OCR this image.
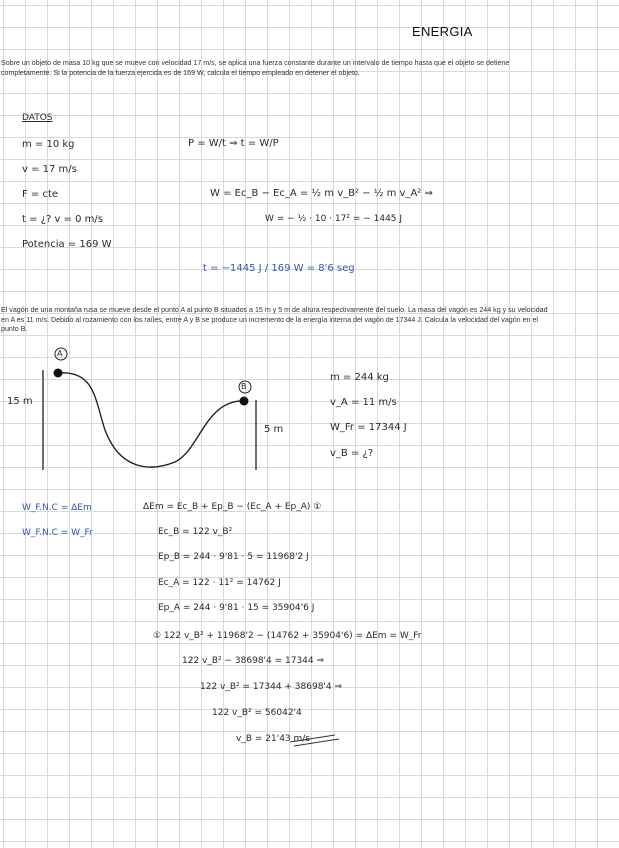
ENERGIA
Sobre un objeto de masa 10 kg que se mueve con velocidad 17 m/s, se aplica una fuerza constante durante un intervalo de tiempo hasta que el objeto se detiene completamente. Si la potencia de la fuerza ejercida es de 169 W, calcula el tiempo empleado en detener el objeto.
DATOS
m = 10 kg
v = 17 m/s
F = cte
t = ¿? v = 0 m/s
Potencia = 169 W
P = W/t ⇒ t = W/P
W = Ec_B − Ec_A = ½ m v_B² − ½ m v_A² ⇒
W = − ½ · 10 · 17² = − 1445 J
t = −1445 J / 169 W = 8'6 seg
El vagón de una montaña rusa se mueve desde el punto A al punto B situados a 15 m y 5 m de altura respectivamente del suelo. La masa del vagón es 244 kg y su velocidad en A es 11 m/s. Debido al rozamiento con los raíles, entre A y B se produce un incremento de la energía interna del vagón de 17344 J. Calcula la velocidad del vagón en el punto B.
A
B
15 m
5 m
m = 244 kg
v_A = 11 m/s
W_Fr = 17344 J
v_B = ¿?
W_F.N.C = ΔEm
W_F.N.C = W_Fr
ΔEm = Ec_B + Ep_B − (Ec_A + Ep_A) ①
Ec_B = 122 v_B²
Ep_B = 244 · 9'81 · 5 = 11968'2 J
Ec_A = 122 · 11² = 14762 J
Ep_A = 244 · 9'81 · 15 = 35904'6 J
① 122 v_B² + 11968'2 − (14762 + 35904'6) = ΔEm = W_Fr
122 v_B² − 38698'4 = 17344 ⇒
122 v_B² = 17344 + 38698'4 ⇒
122 v_B² = 56042'4
v_B = 21'43 m/s
